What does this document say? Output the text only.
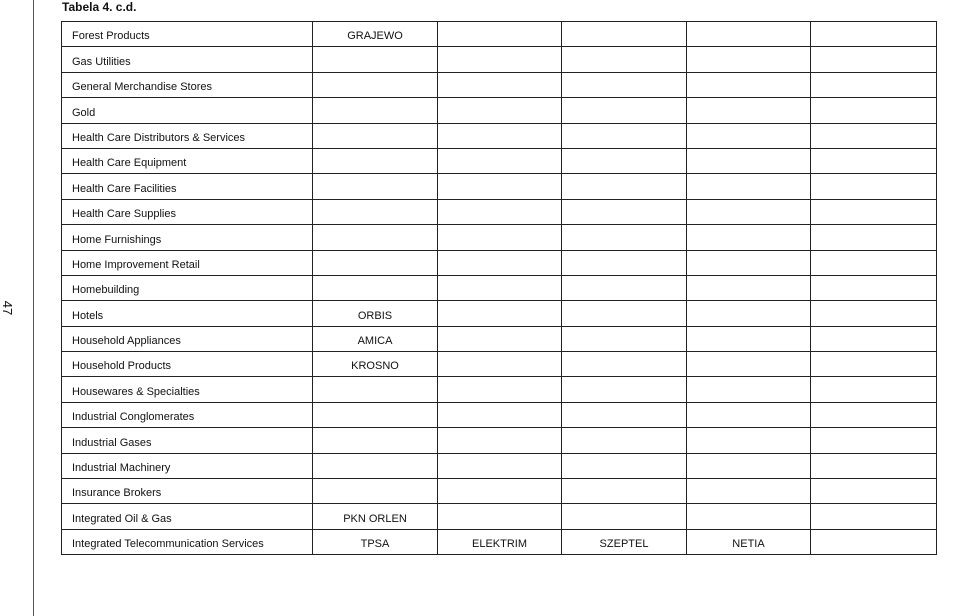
47
Tabela 4. c.d.
Forest Products	GRAJEWO				
Gas Utilities					
General Merchandise Stores					
Gold					
Health Care Distributors & Services					
Health Care Equipment					
Health Care Facilities					
Health Care Supplies					
Home Furnishings					
Home Improvement Retail					
Homebuilding					
Hotels	ORBIS				
Household Appliances	AMICA				
Household Products	KROSNO				
Housewares & Specialties					
Industrial Conglomerates					
Industrial Gases					
Industrial Machinery					
Insurance Brokers					
Integrated Oil & Gas	PKN ORLEN				
Integrated Telecommunication Services	TPSA	ELEKTRIM	SZEPTEL	NETIA	
